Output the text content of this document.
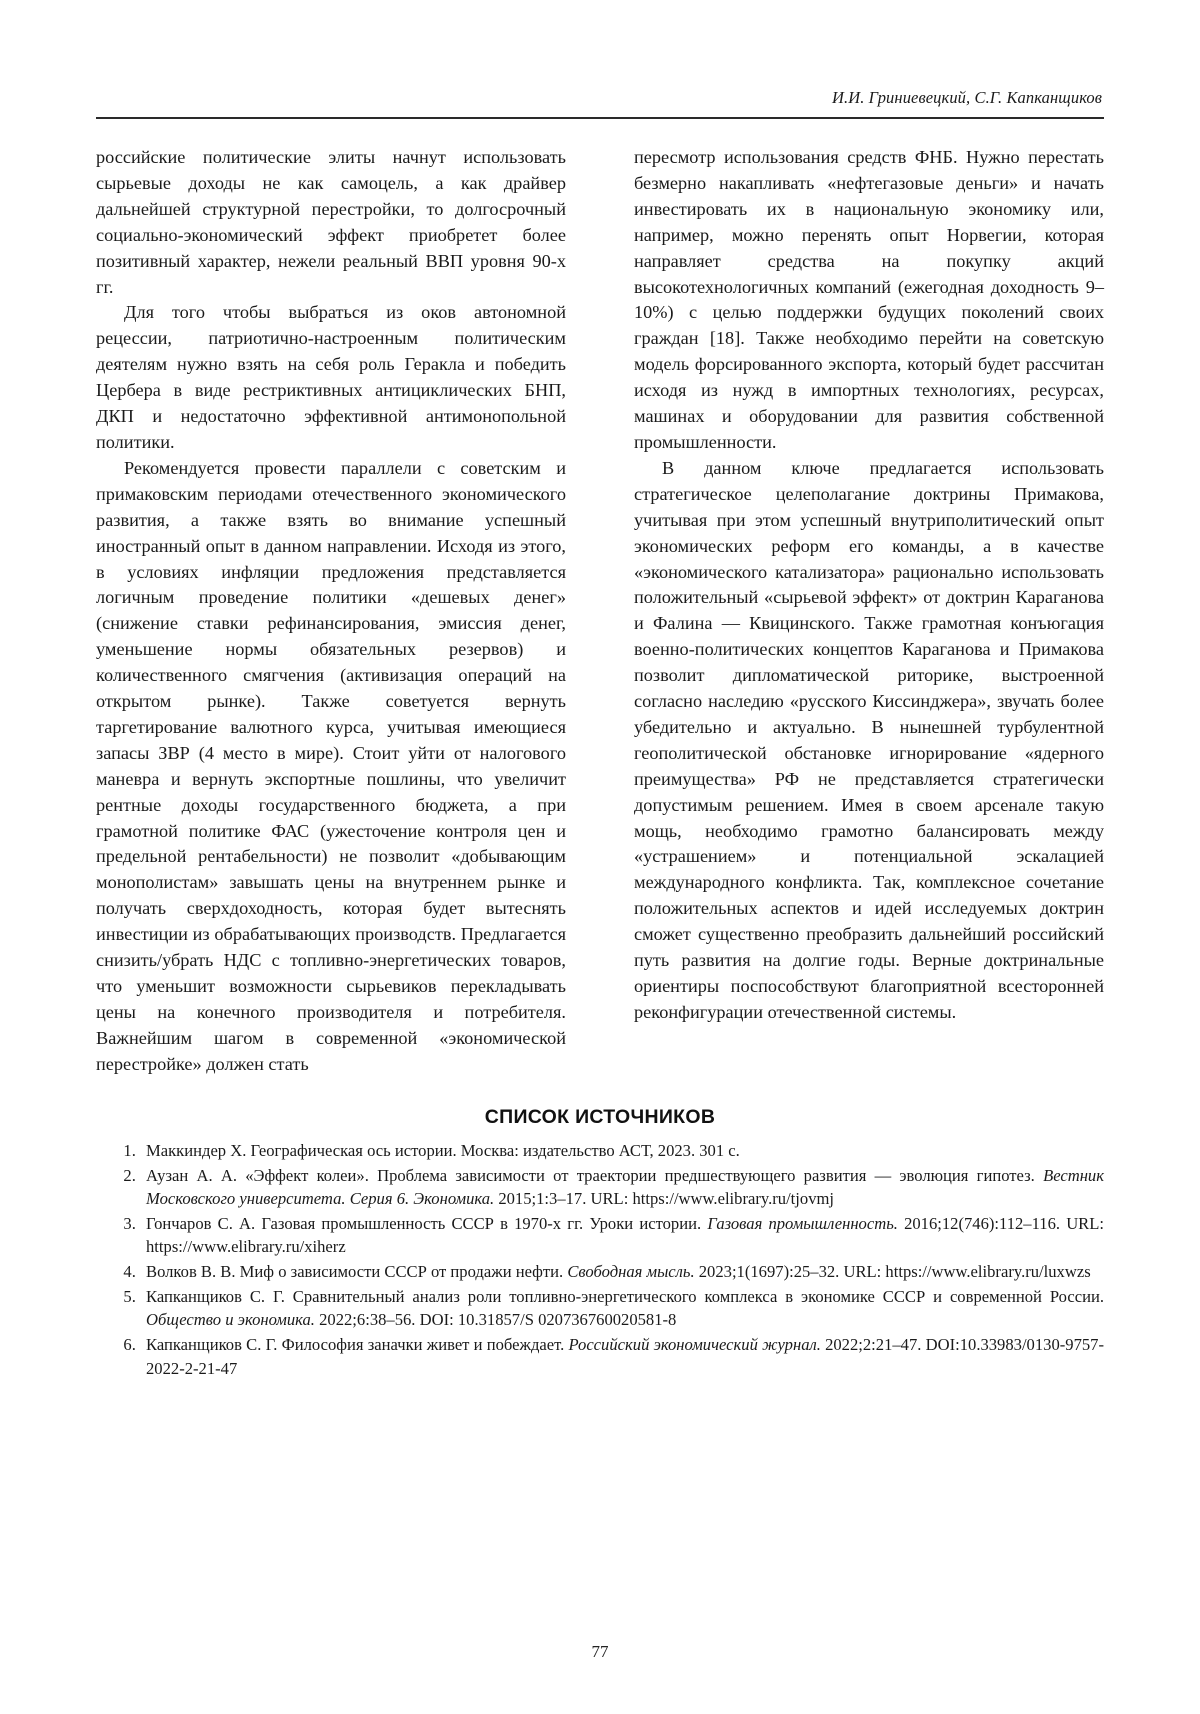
И.И. Гриниевецкий, С.Г. Капканщиков

российские политические элиты начнут использовать сырьевые доходы не как самоцель, а как драйвер дальнейшей структурной перестройки, то долгосрочный социально-экономический эффект приобретет более позитивный характер, нежели реальный ВВП уровня 90-х гг.

Для того чтобы выбраться из оков автономной рецессии, патриотично-настроенным политическим деятелям нужно взять на себя роль Геракла и победить Цербера в виде рестриктивных антициклических БНП, ДКП и недостаточно эффективной антимонопольной политики.

Рекомендуется провести параллели с советским и примаковским периодами отечественного экономического развития, а также взять во внимание успешный иностранный опыт в данном направлении. Исходя из этого, в условиях инфляции предложения представляется логичным проведение политики «дешевых денег» (снижение ставки рефинансирования, эмиссия денег, уменьшение нормы обязательных резервов) и количественного смягчения (активизация операций на открытом рынке). Также советуется вернуть таргетирование валютного курса, учитывая имеющиеся запасы ЗВР (4 место в мире). Стоит уйти от налогового маневра и вернуть экспортные пошлины, что увеличит рентные доходы государственного бюджета, а при грамотной политике ФАС (ужесточение контроля цен и предельной рентабельности) не позволит «добывающим монополистам» завышать цены на внутреннем рынке и получать сверхдоходность, которая будет вытеснять инвестиции из обрабатывающих производств. Предлагается снизить/убрать НДС с топливно-энергетических товаров, что уменьшит возможности сырьевиков перекладывать цены на конечного производителя и потребителя. Важнейшим шагом в современной «экономической перестройке» должен стать

пересмотр использования средств ФНБ. Нужно перестать безмерно накапливать «нефтегазовые деньги» и начать инвестировать их в национальную экономику или, например, можно перенять опыт Норвегии, которая направляет средства на покупку акций высокотехнологичных компаний (ежегодная доходность 9–10%) с целью поддержки будущих поколений своих граждан [18]. Также необходимо перейти на советскую модель форсированного экспорта, который будет рассчитан исходя из нужд в импортных технологиях, ресурсах, машинах и оборудовании для развития собственной промышленности.

В данном ключе предлагается использовать стратегическое целеполагание доктрины Примакова, учитывая при этом успешный внутриполитический опыт экономических реформ его команды, а в качестве «экономического катализатора» рационально использовать положительный «сырьевой эффект» от доктрин Караганова и Фалина — Квицинского. Также грамотная конъюгация военно-политических концептов Караганова и Примакова позволит дипломатической риторике, выстроенной согласно наследию «русского Киссинджера», звучать более убедительно и актуально. В нынешней турбулентной геополитической обстановке игнорирование «ядерного преимущества» РФ не представляется стратегически допустимым решением. Имея в своем арсенале такую мощь, необходимо грамотно балансировать между «устрашением» и потенциальной эскалацией международного конфликта. Так, комплексное сочетание положительных аспектов и идей исследуемых доктрин сможет существенно преобразить дальнейший российский путь развития на долгие годы. Верные доктринальные ориентиры поспособствуют благоприятной всесторонней реконфигурации отечественной системы.

СПИСОК ИСТОЧНИКОВ
1. Маккиндер Х. Географическая ось истории. Москва: издательство АСТ, 2023. 301 с.
2. Аузан А. А. «Эффект колеи». Проблема зависимости от траектории предшествующего развития — эволюция гипотез. Вестник Московского университета. Серия 6. Экономика. 2015;1:3–17. URL: https://www.elibrary.ru/tjovmj
3. Гончаров С. А. Газовая промышленность СССР в 1970-х гг. Уроки истории. Газовая промышленность. 2016;12(746):112–116. URL: https://www.elibrary.ru/xiherz
4. Волков В. В. Миф о зависимости СССР от продажи нефти. Свободная мысль. 2023;1(1697):25–32. URL: https://www.elibrary.ru/luxwzs
5. Капканщиков С. Г. Сравнительный анализ роли топливно-энергетического комплекса в экономике СССР и современной России. Общество и экономика. 2022;6:38–56. DOI: 10.31857/S 020736760020581-8
6. Капканщиков С. Г. Философия заначки живет и побеждает. Российский экономический журнал. 2022;2:21–47. DOI:10.33983/0130-9757-2022-2-21-47
77
